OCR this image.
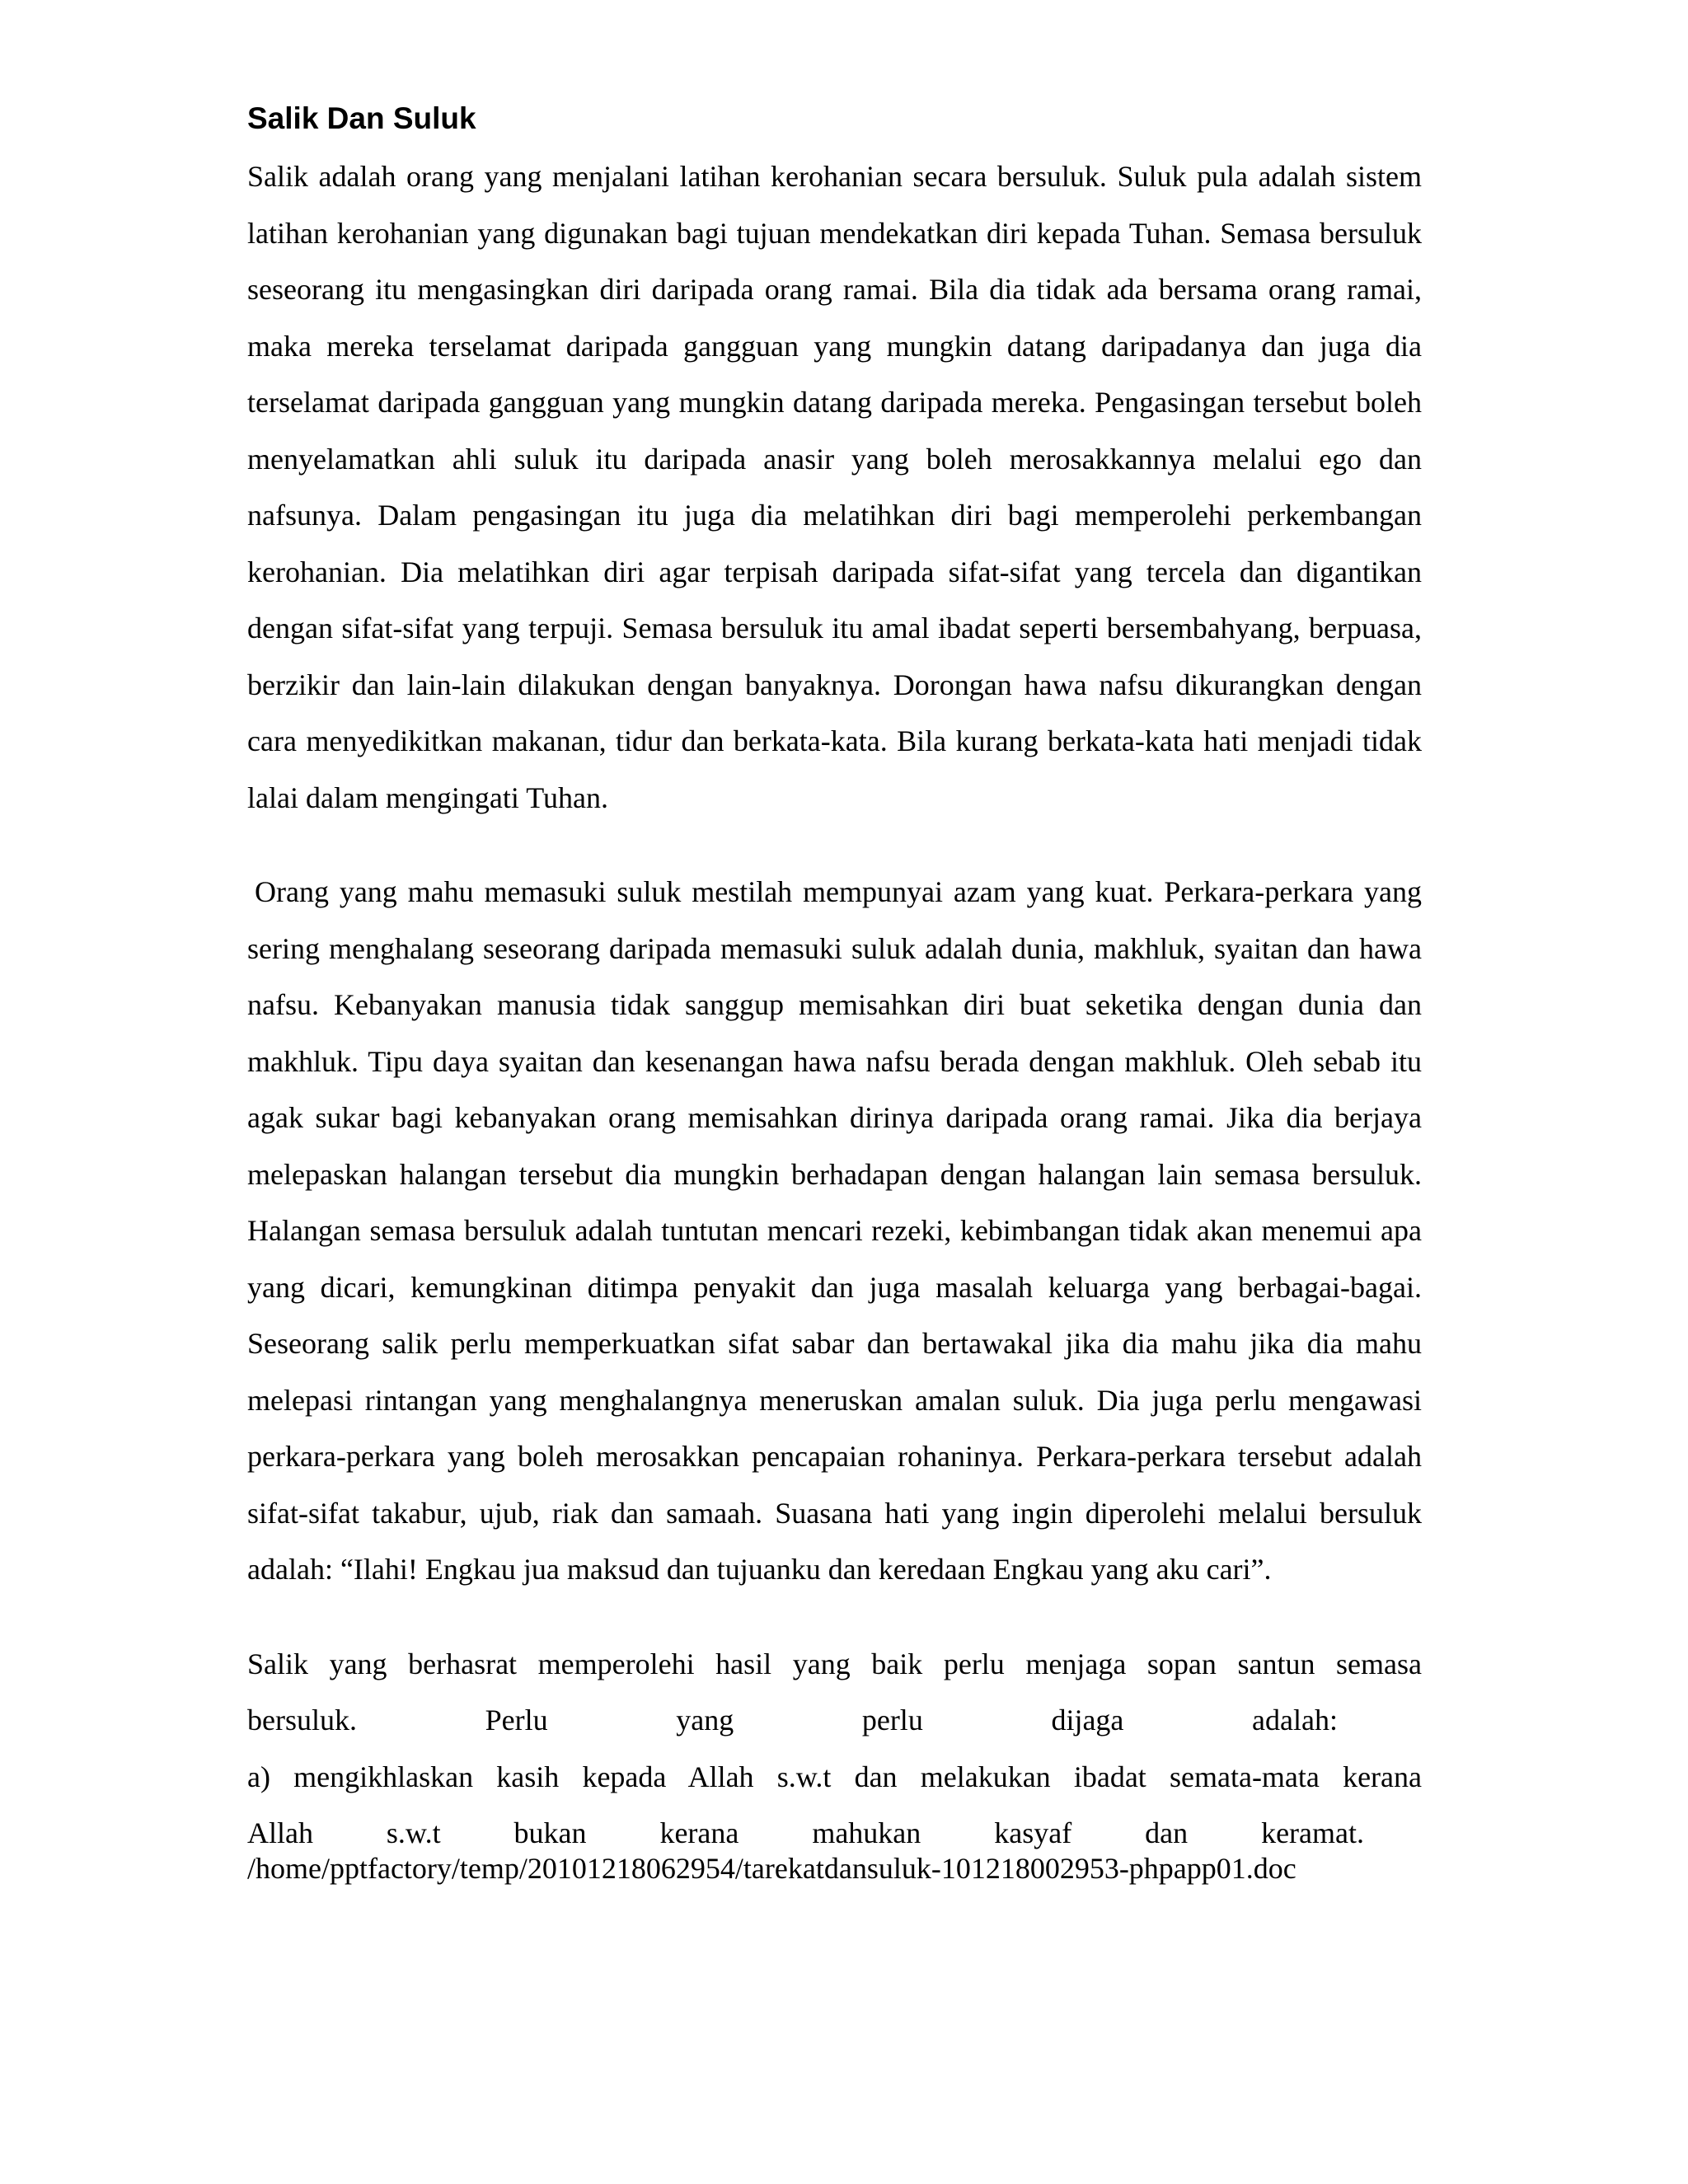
Salik Dan Suluk

Salik adalah orang yang menjalani latihan kerohanian secara bersuluk. Suluk pula adalah sistem latihan kerohanian yang digunakan bagi tujuan mendekatkan diri kepada Tuhan. Semasa bersuluk seseorang itu mengasingkan diri daripada orang ramai. Bila dia tidak ada bersama orang ramai, maka mereka terselamat daripada gangguan yang mungkin datang daripadanya dan juga dia terselamat daripada gangguan yang mungkin datang daripada mereka. Pengasingan tersebut boleh menyelamatkan ahli suluk itu daripada anasir yang boleh merosakkannya melalui ego dan nafsunya. Dalam pengasingan itu juga dia melatihkan diri bagi memperolehi perkembangan kerohanian. Dia melatihkan diri agar terpisah daripada sifat-sifat yang tercela dan digantikan dengan sifat-sifat yang terpuji. Semasa bersuluk itu amal ibadat seperti bersembahyang, berpuasa, berzikir dan lain-lain dilakukan dengan banyaknya. Dorongan hawa nafsu dikurangkan dengan cara menyedikitkan makanan, tidur dan berkata-kata. Bila kurang berkata-kata hati menjadi tidak lalai dalam mengingati Tuhan.

Orang yang mahu memasuki suluk mestilah mempunyai azam yang kuat. Perkara-perkara yang sering menghalang seseorang daripada memasuki suluk adalah dunia, makhluk, syaitan dan hawa nafsu. Kebanyakan manusia tidak sanggup memisahkan diri buat seketika dengan dunia dan makhluk. Tipu daya syaitan dan kesenangan hawa nafsu berada dengan makhluk. Oleh sebab itu agak sukar bagi kebanyakan orang memisahkan dirinya daripada orang ramai. Jika dia berjaya melepaskan halangan tersebut dia mungkin berhadapan dengan halangan lain semasa bersuluk. Halangan semasa bersuluk adalah tuntutan mencari rezeki, kebimbangan tidak akan menemui apa yang dicari, kemungkinan ditimpa penyakit dan juga masalah keluarga yang berbagai-bagai. Seseorang salik perlu memperkuatkan sifat sabar dan bertawakal jika dia mahu jika dia mahu melepasi rintangan yang menghalangnya meneruskan amalan suluk. Dia juga perlu mengawasi perkara-perkara yang boleh merosakkan pencapaian rohaninya. Perkara-perkara tersebut adalah sifat-sifat takabur, ujub, riak dan samaah. Suasana hati yang ingin diperolehi melalui bersuluk adalah: “Ilahi! Engkau jua maksud dan tujuanku dan keredaan Engkau yang aku cari”.

Salik yang berhasrat memperolehi hasil yang baik perlu menjaga sopan santun semasa
bersuluk.	Perlu	yang	perlu	dijaga	adalah:
a) mengikhlaskan kasih kepada Allah s.w.t dan melakukan ibadat semata-mata kerana
Allah s.w.t bukan kerana mahukan kasyaf dan keramat.
/home/pptfactory/temp/20101218062954/tarekatdansuluk-101218002953-phpapp01.doc
